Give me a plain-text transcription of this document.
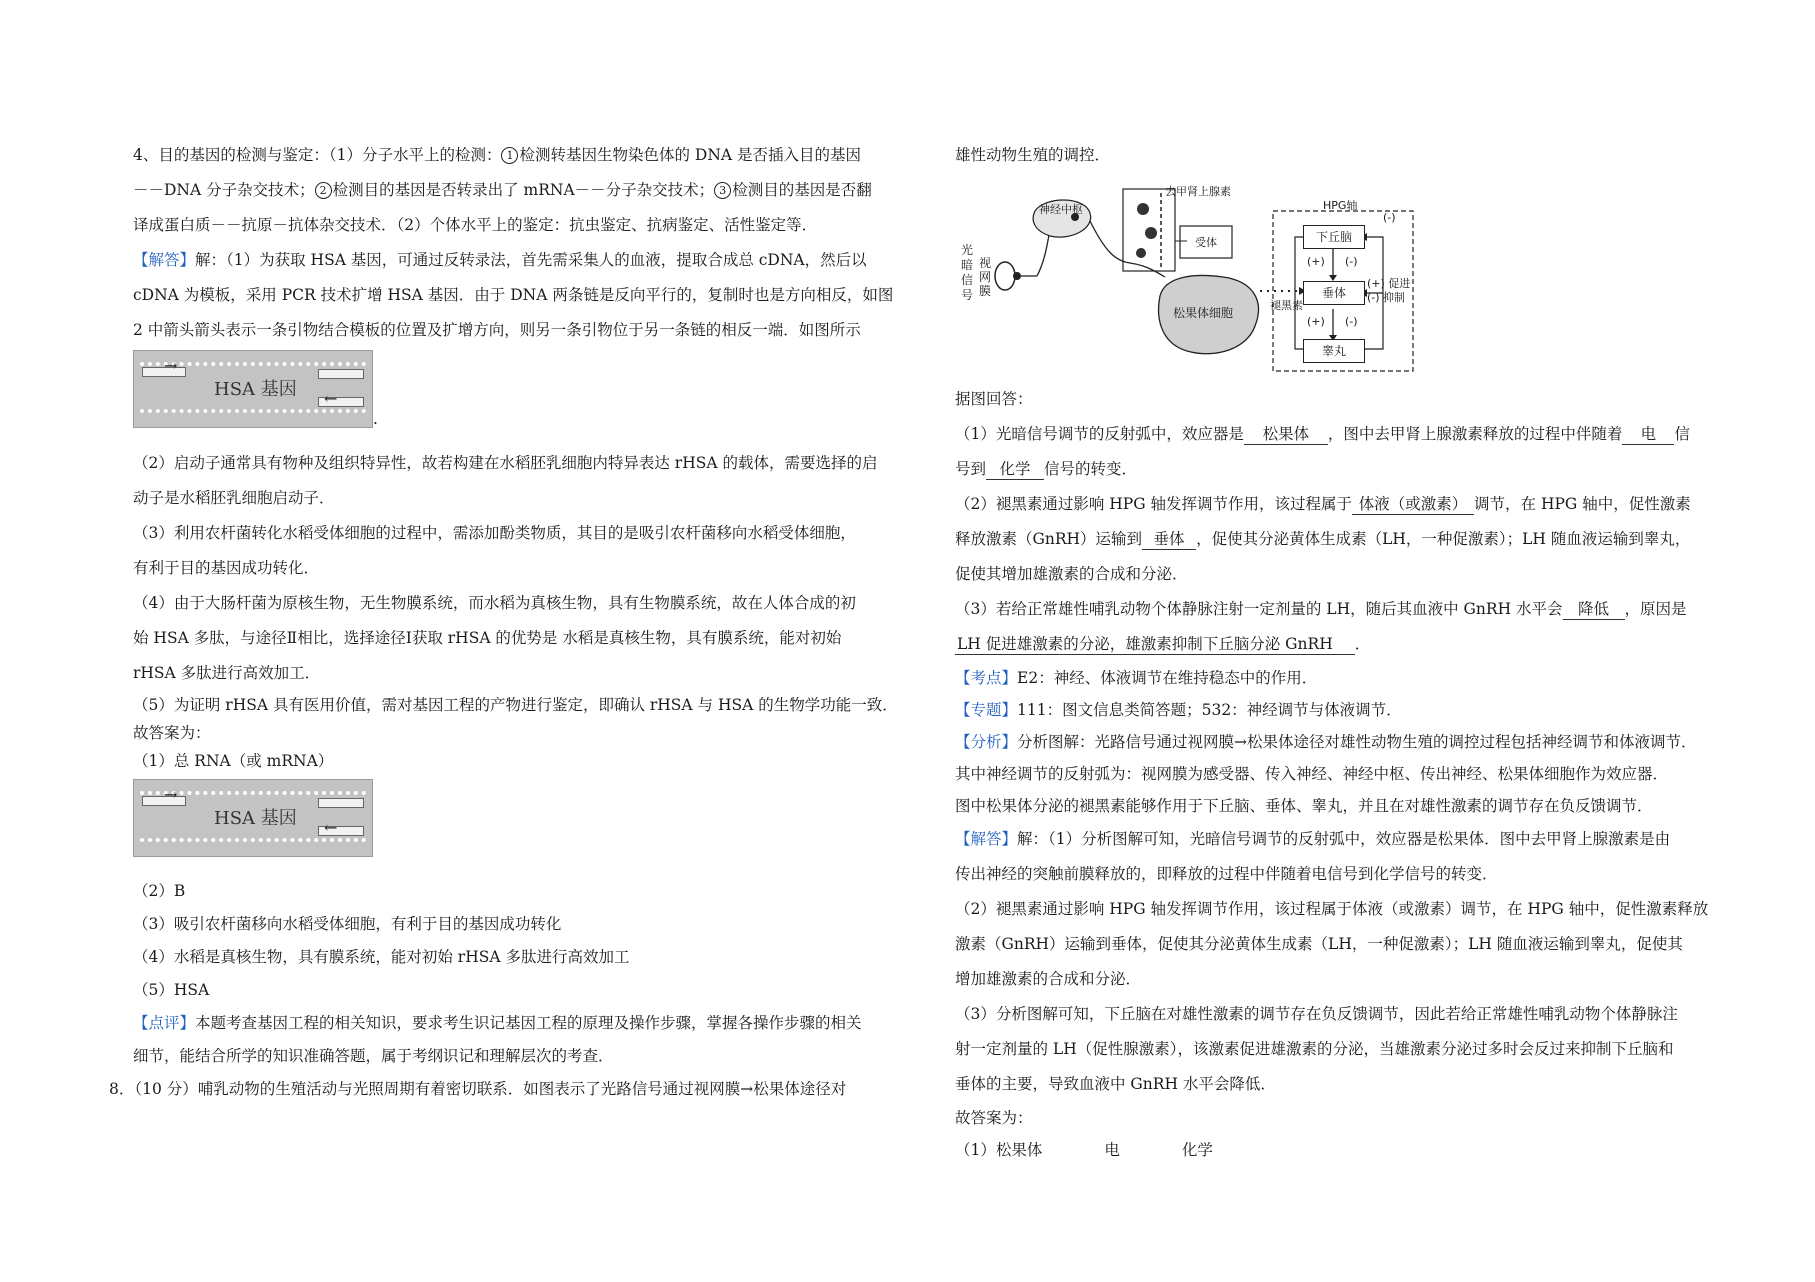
4、目的基因的检测与鉴定：（1）分子水平上的检测： 1 检测转基因生物染色体的 DNA 是否插入目的基因

－－DNA 分子杂交技术； 2 检测目的基因是否转录出了 mRNA－－分子杂交技术； 3 检测目的基因是否翻

译成蛋白质－－抗原－抗体杂交技术．（2）个体水平上的鉴定：抗虫鉴定、抗病鉴定、活性鉴定等．

【解答】解：（1）为获取 HSA 基因，可通过反转录法，首先需采集人的血液，提取合成总 cDNA，然后以

cDNA 为模板，采用 PCR 技术扩增 HSA 基因．由于 DNA 两条链是反向平行的，复制时也是方向相反，如图

2 中箭头箭头表示一条引物结合模板的位置及扩增方向，则另一条引物位于另一条链的相反一端．如图所示

→
←
HSA 基因
.

（2）启动子通常具有物种及组织特异性，故若构建在水稻胚乳细胞内特异表达 rHSA 的载体，需要选择的启

动子是水稻胚乳细胞启动子．

（3）利用农杆菌转化水稻受体细胞的过程中，需添加酚类物质，其目的是吸引农杆菌移向水稻受体细胞，

有利于目的基因成功转化．

（4）由于大肠杆菌为原核生物，无生物膜系统，而水稻为真核生物，具有生物膜系统，故在人体合成的初

始 HSA 多肽，与途径Ⅱ相比，选择途径Ⅰ获取 rHSA 的优势是 水稻是真核生物，具有膜系统，能对初始

rHSA 多肽进行高效加工．

（5）为证明 rHSA 具有医用价值，需对基因工程的产物进行鉴定，即确认 rHSA 与 HSA 的生物学功能一致．

故答案为：

（1）总 RNA（或 mRNA）

→
←
HSA 基因

（2）B

（3）吸引农杆菌移向水稻受体细胞，有利于目的基因成功转化

（4）水稻是真核生物，具有膜系统，能对初始 rHSA 多肽进行高效加工

（5）HSA

【点评】本题考查基因工程的相关知识，要求考生识记基因工程的原理及操作步骤，掌握各操作步骤的相关

细节，能结合所学的知识准确答题，属于考纲识记和理解层次的考查．

8．（10 分）哺乳动物的生殖活动与光照周期有着密切联系．如图表示了光路信号通过视网膜→松果体途径对

雄性动物生殖的调控．

光
暗
信
号
视
网
膜
神经中枢
去甲肾上腺素
受体
松果体细胞
褪黑素
HPG轴
下丘脑
垂体
睾丸
(+)
(+)
(-)
(-)
(-)
(+) 促进
(-) 抑制

据图回答：

（1）光暗信号调节的反射弧中，效应器是 松果体 ，图中去甲肾上腺激素释放的过程中伴随着 电 信

号到 化学 信号的转变．

（2）褪黑素通过影响 HPG 轴发挥调节作用，该过程属于 体液（或激素） 调节，在 HPG 轴中，促性激素

释放激素（GnRH）运输到 垂体 ，促使其分泌黄体生成素（LH，一种促激素）；LH 随血液运输到睾丸，

促使其增加雄激素的合成和分泌．

（3）若给正常雄性哺乳动物个体静脉注射一定剂量的 LH，随后其血液中 GnRH 水平会 降低 ，原因是

LH 促进雄激素的分泌，雄激素抑制下丘脑分泌 GnRH ．

【考点】E2：神经、体液调节在维持稳态中的作用．

【专题】111：图文信息类简答题；532：神经调节与体液调节．

【分析】分析图解：光路信号通过视网膜→松果体途径对雄性动物生殖的调控过程包括神经调节和体液调节．

其中神经调节的反射弧为：视网膜为感受器、传入神经、神经中枢、传出神经、松果体细胞作为效应器．

图中松果体分泌的褪黑素能够作用于下丘脑、垂体、睾丸，并且在对雄性激素的调节存在负反馈调节．

【解答】解：（1）分析图解可知，光暗信号调节的反射弧中，效应器是松果体．图中去甲肾上腺激素是由

传出神经的突触前膜释放的，即释放的过程中伴随着电信号到化学信号的转变．

（2）褪黑素通过影响 HPG 轴发挥调节作用，该过程属于体液（或激素）调节，在 HPG 轴中，促性激素释放

激素（GnRH）运输到垂体，促使其分泌黄体生成素（LH，一种促激素）；LH 随血液运输到睾丸，促使其

增加雄激素的合成和分泌．

（3）分析图解可知，下丘脑在对雄性激素的调节存在负反馈调节，因此若给正常雄性哺乳动物个体静脉注

射一定剂量的 LH（促性腺激素），该激素促进雄激素的分泌，当雄激素分泌过多时会反过来抑制下丘脑和

垂体的主要，导致血液中 GnRH 水平会降低．

故答案为：

（1）松果体	电	化学
